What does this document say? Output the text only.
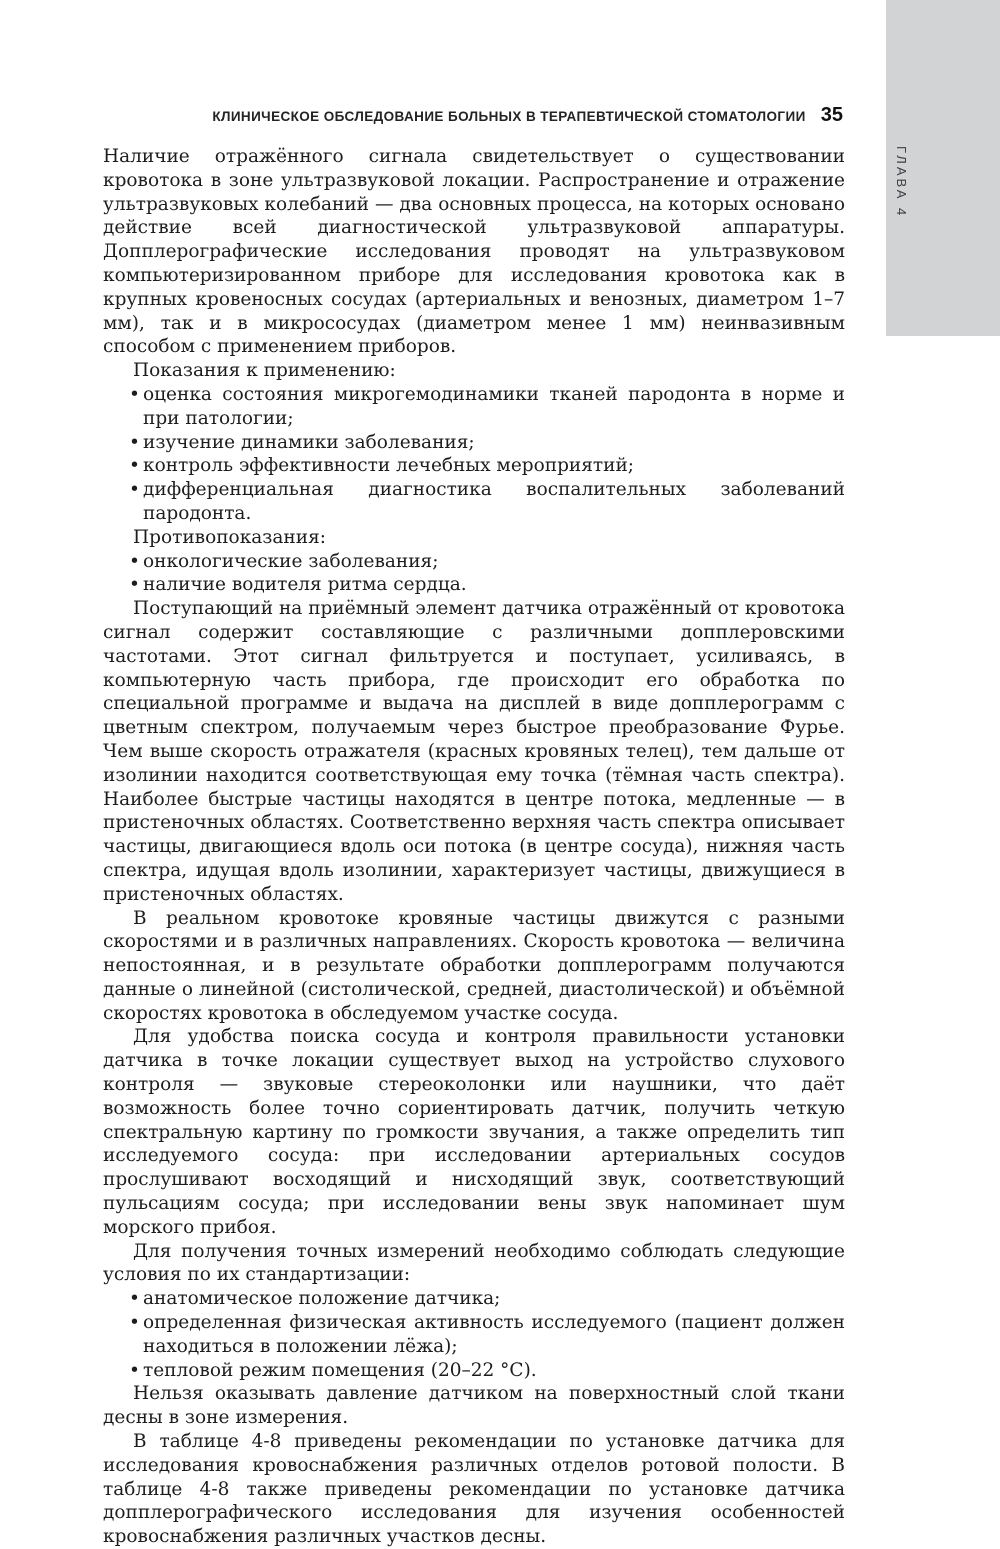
ГЛАВА 4
КЛИНИЧЕСКОЕ ОБСЛЕДОВАНИЕ БОЛЬНЫХ В ТЕРАПЕВТИЧЕСКОЙ СТОМАТОЛОГИИ 35

Наличие отражённого сигнала свидетельствует о существовании кровотока в зоне ультразвуковой локации. Распространение и отражение ультразвуковых колебаний — два основных процесса, на которых основано действие всей диагностической ультразвуковой аппаратуры. Допплерографические исследования проводят на ультразвуковом компьютеризированном приборе для исследования кровотока как в крупных кровеносных сосудах (артериальных и венозных, диаметром 1–7 мм), так и в микрососудах (диаметром менее 1 мм) неинвазивным способом с применением приборов.

Показания к применению:

• оценка состояния микрогемодинамики тканей пародонта в норме и при патологии;
• изучение динамики заболевания;
• контроль эффективности лечебных мероприятий;
• дифференциальная диагностика воспалительных заболеваний пародонта.

Противопоказания:

• онкологические заболевания;
• наличие водителя ритма сердца.

Поступающий на приёмный элемент датчика отражённый от кровотока сигнал содержит составляющие с различными допплеровскими частотами. Этот сигнал фильтруется и поступает, усиливаясь, в компьютерную часть прибора, где происходит его обработка по специальной программе и выдача на дисплей в виде допплерограмм с цветным спектром, получаемым через быстрое преобразование Фурье. Чем выше скорость отражателя (красных кровяных телец), тем дальше от изолинии находится соответствующая ему точка (тёмная часть спектра). Наиболее быстрые частицы находятся в центре потока, медленные — в пристеночных областях. Соответственно верхняя часть спектра описывает частицы, двигающиеся вдоль оси потока (в центре сосуда), нижняя часть спектра, идущая вдоль изолинии, характеризует частицы, движущиеся в пристеночных областях.

В реальном кровотоке кровяные частицы движутся с разными скоростями и в различных направлениях. Скорость кровотока — величина непостоянная, и в результате обработки допплерограмм получаются данные о линейной (систолической, средней, диастолической) и объёмной скоростях кровотока в обследуемом участке сосуда.

Для удобства поиска сосуда и контроля правильности установки датчика в точке локации существует выход на устройство слухового контроля — звуковые стереоколонки или наушники, что даёт возможность более точно сориентировать датчик, получить четкую спектральную картину по громкости звучания, а также определить тип исследуемого сосуда: при исследовании артериальных сосудов прослушивают восходящий и нисходящий звук, соответствующий пульсациям сосуда; при исследовании вены звук напоминает шум морского прибоя.

Для получения точных измерений необходимо соблюдать следующие условия по их стандартизации:

• анатомическое положение датчика;
• определенная физическая активность исследуемого (пациент должен находиться в положении лёжа);
• тепловой режим помещения (20–22 °C).

Нельзя оказывать давление датчиком на поверхностный слой ткани десны в зоне измерения.

В таблице 4-8 приведены рекомендации по установке датчика для исследования кровоснабжения различных отделов ротовой полости. В таблице 4-8 также приведены рекомендации по установке датчика допплерографического исследования для изучения особенностей кровоснабжения различных участков десны.
